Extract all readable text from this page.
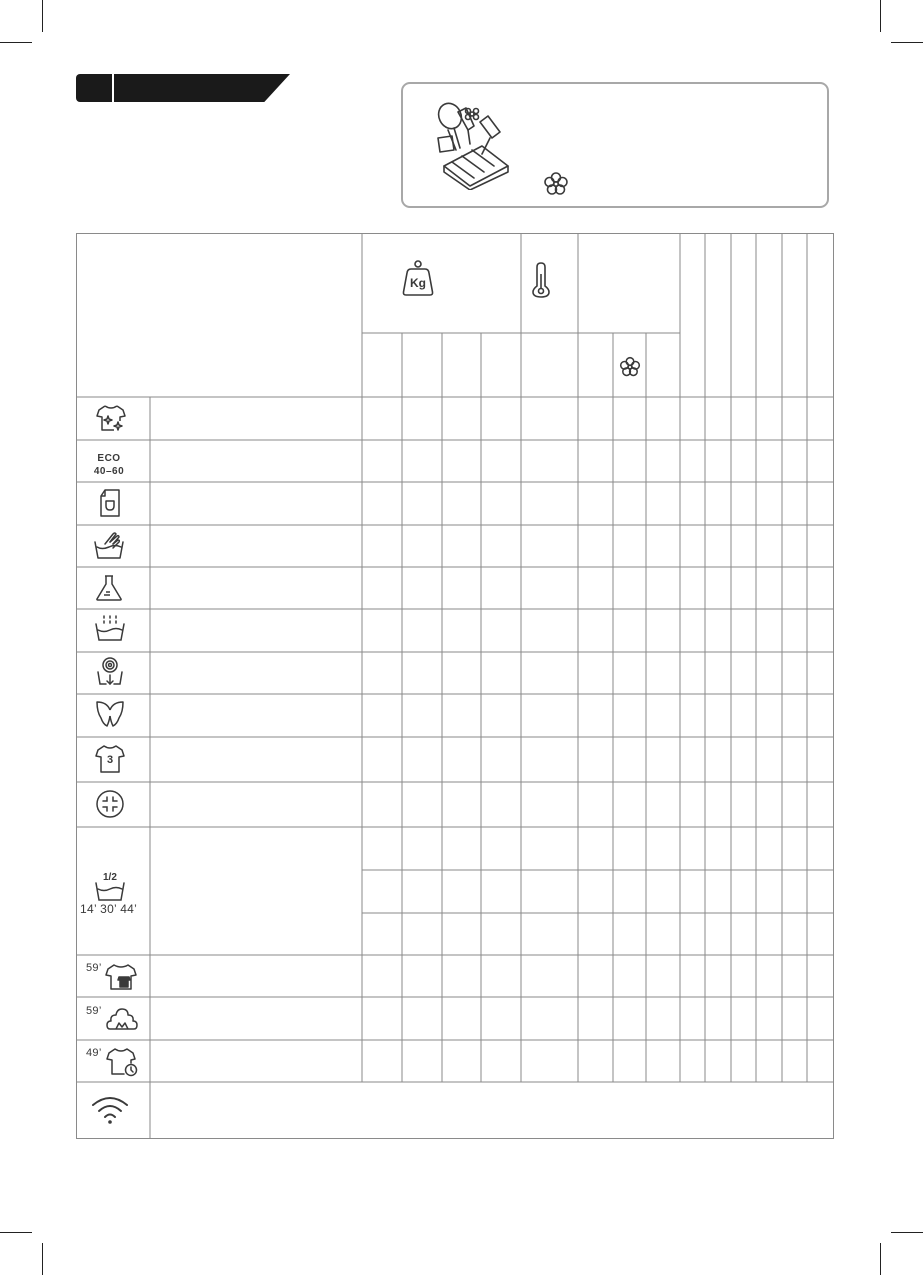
Kg
ECO
40–60
3
1/2
14’ 30’ 44’
59’
59’
49’
